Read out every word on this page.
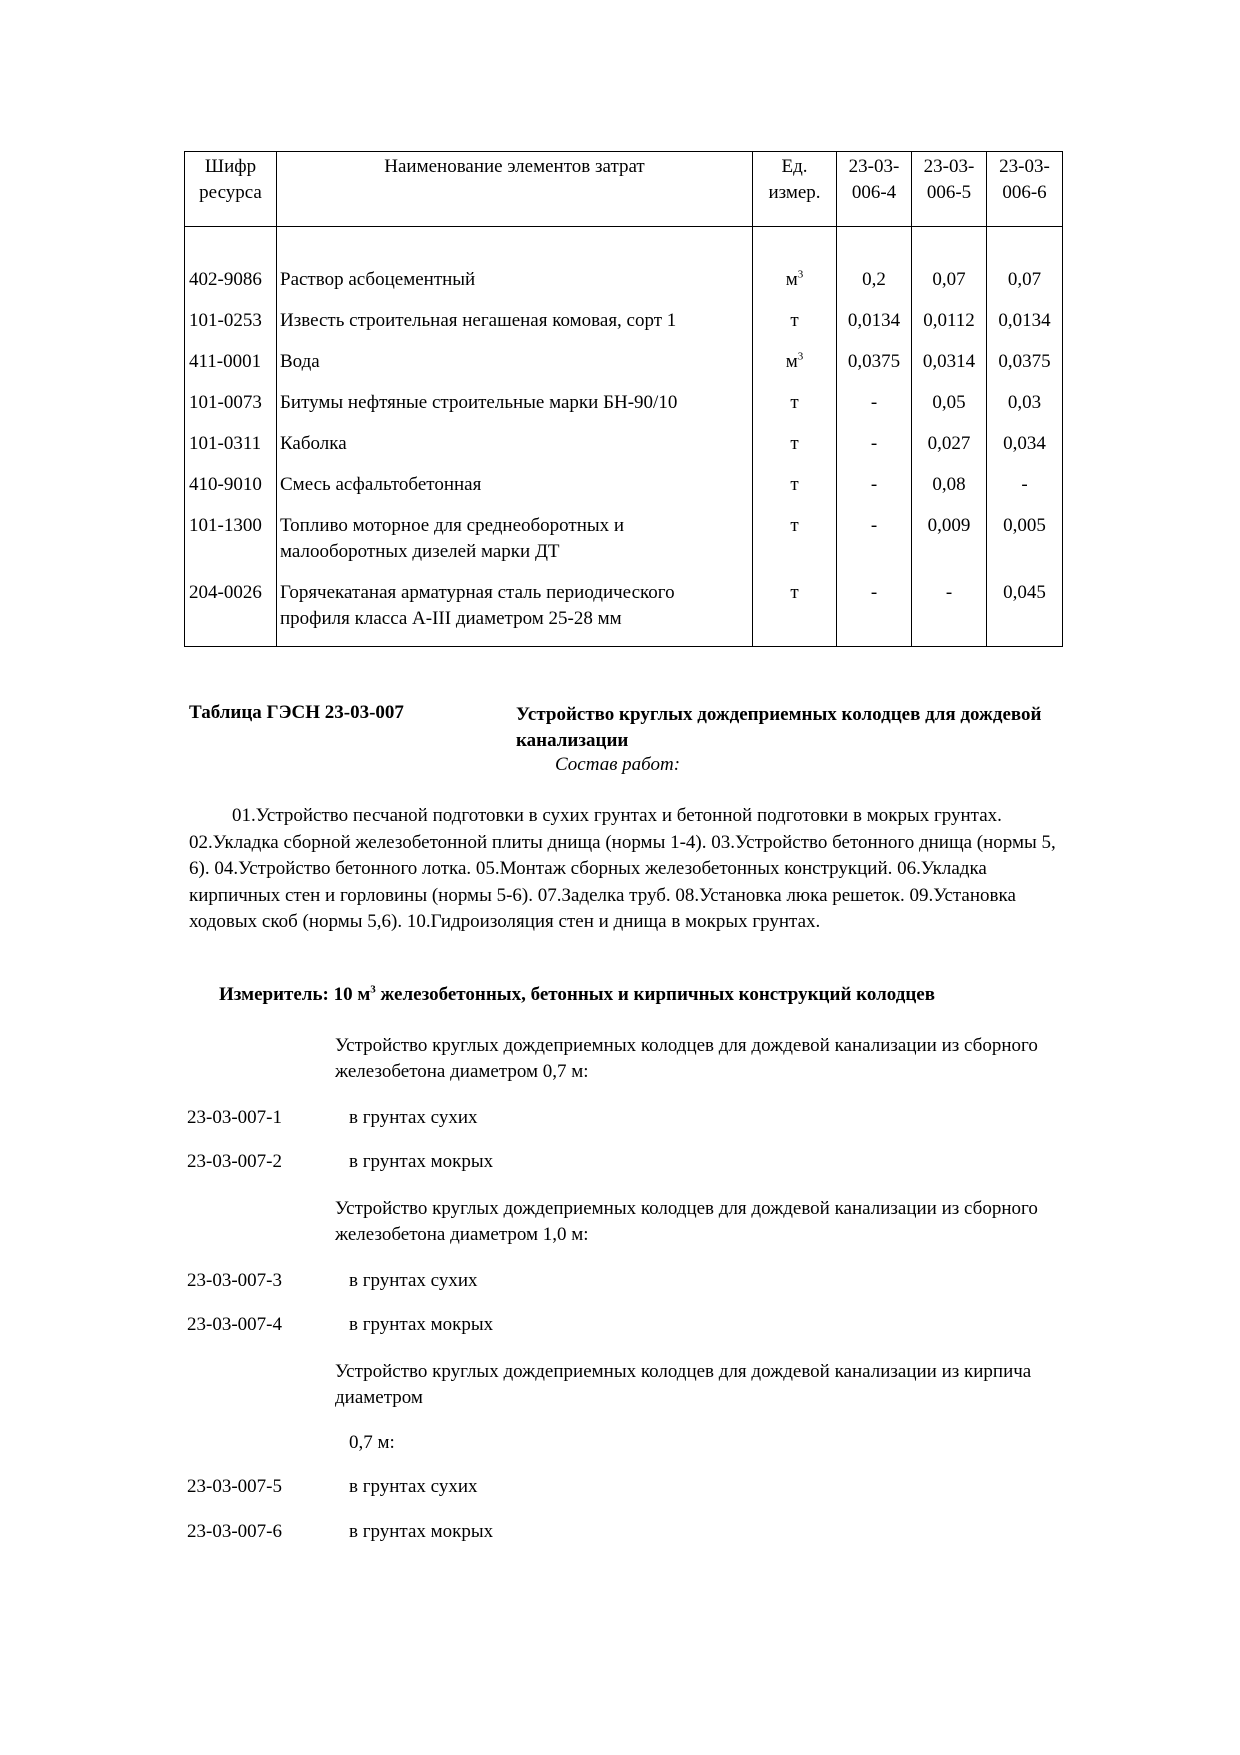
Шифр ресурса	Наименование элементов затрат	Ед. измер.	23-03-006-4	23-03-006-5	23-03-006-6
402-9086	Раствор асбоцементный	$м^3$	0,2	0,07	0,07
101-0253	Известь строительная негашеная комовая, сорт 1	т	0,0134	0,0112	0,0134
411-0001	Вода	$м^3$	0,0375	0,0314	0,0375
101-0073	Битумы нефтяные строительные марки БН-90/10	т	-	0,05	0,03
101-0311	Каболка	т	-	0,027	0,034
410-9010	Смесь асфальтобетонная	т	-	0,08	-
101-1300	Топливо моторное для среднеоборотных и малооборотных дизелей марки ДТ	т	-	0,009	0,005
204-0026	Горячекатаная арматурная сталь периодического профиля класса А-III диаметром 25-28 мм	т	-	-	0,045
Таблица ГЭСН 23-03-007	Устройство круглых дождеприемных колодцев для дождевой канализации
Состав работ:
01.Устройство песчаной подготовки в сухих грунтах и бетонной подготовки в мокрых грунтах. 02.Укладка сборной железобетонной плиты днища (нормы 1-4). 03.Устройство бетонного днища (нормы 5, 6). 04.Устройство бетонного лотка. 05.Монтаж сборных железобетонных конструкций. 06.Укладка кирпичных стен и горловины (нормы 5-6). 07.Заделка труб. 08.Установка люка решеток. 09.Установка ходовых скоб (нормы 5,6). 10.Гидроизоляция стен и днища в мокрых грунтах.
Измеритель: 10 $м^3$ железобетонных, бетонных и кирпичных конструкций колодцев
Устройство круглых дождеприемных колодцев для дождевой канализации из сборного железобетона диаметром 0,7 м:
23-03-007-1	в грунтах сухих
23-03-007-2	в грунтах мокрых
Устройство круглых дождеприемных колодцев для дождевой канализации из сборного железобетона диаметром 1,0 м:
23-03-007-3	в грунтах сухих
23-03-007-4	в грунтах мокрых
Устройство круглых дождеприемных колодцев для дождевой канализации из кирпича диаметром
0,7 м:
23-03-007-5	в грунтах сухих
23-03-007-6	в грунтах мокрых
